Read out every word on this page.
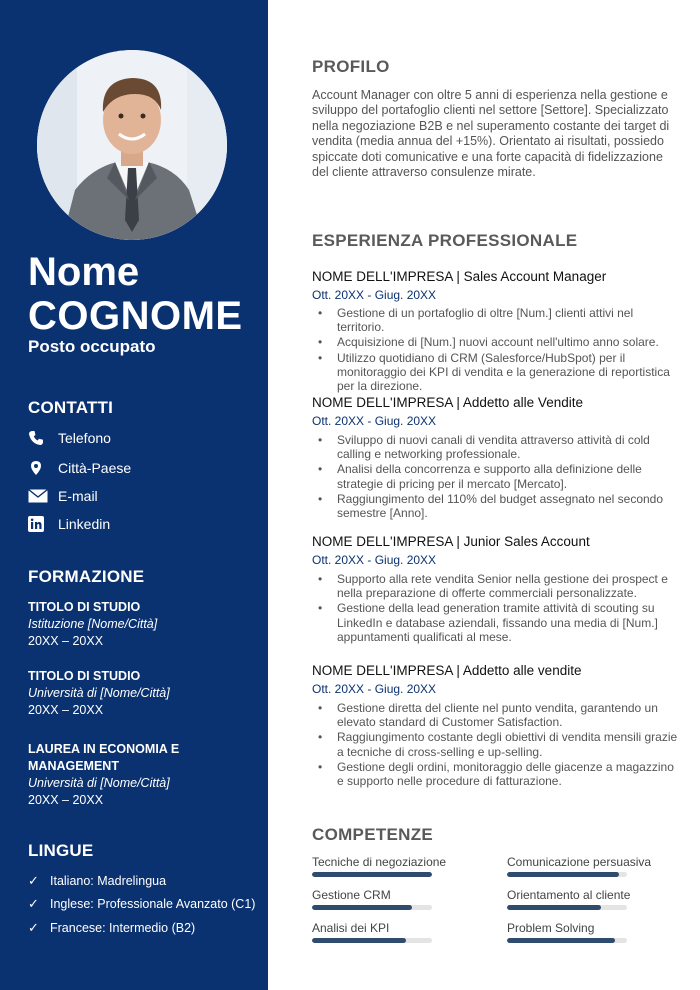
Nome
COGNOME
Posto occupato
CONTATTI
Telefono
Città-Paese
E-mail
Linkedin
FORMAZIONE
TITOLO DI STUDIO
Istituzione [Nome/Città]
20XX – 20XX
TITOLO DI STUDIO
Università di [Nome/Città]
20XX – 20XX
LAUREA IN ECONOMIA E MANAGEMENT
Università di [Nome/Città]
20XX – 20XX
LINGUE
✓ Italiano: Madrelingua
✓ Inglese: Professionale Avanzato (C1)
✓ Francese: Intermedio (B2)
PROFILO

Account Manager con oltre 5 anni di esperienza nella gestione e sviluppo del portafoglio clienti nel settore [Settore]. Specializzato nella negoziazione B2B e nel superamento costante dei target di vendita (media annua del +15%). Orientato ai risultati, possiedo spiccate doti comunicative e una forte capacità di fidelizzazione del cliente attraverso consulenze mirate.

ESPERIENZA PROFESSIONALE
NOME DELL'IMPRESA | Sales Account Manager
Ott. 20XX - Giug. 20XX
• Gestione di un portafoglio di oltre [Num.] clienti attivi nel territorio.
• Acquisizione di [Num.] nuovi account nell'ultimo anno solare.
• Utilizzo quotidiano di CRM (Salesforce/HubSpot) per il monitoraggio dei KPI di vendita e la generazione di reportistica per la direzione.
NOME DELL'IMPRESA | Addetto alle Vendite
Ott. 20XX - Giug. 20XX
• Sviluppo di nuovi canali di vendita attraverso attività di cold calling e networking professionale.
• Analisi della concorrenza e supporto alla definizione delle strategie di pricing per il mercato [Mercato].
• Raggiungimento del 110% del budget assegnato nel secondo semestre [Anno].
NOME DELL'IMPRESA | Junior Sales Account
Ott. 20XX - Giug. 20XX
• Supporto alla rete vendita Senior nella gestione dei prospect e nella preparazione di offerte commerciali personalizzate.
• Gestione della lead generation tramite attività di scouting su LinkedIn e database aziendali, fissando una media di [Num.] appuntamenti qualificati al mese.
NOME DELL'IMPRESA | Addetto alle vendite
Ott. 20XX - Giug. 20XX
• Gestione diretta del cliente nel punto vendita, garantendo un elevato standard di Customer Satisfaction.
• Raggiungimento costante degli obiettivi di vendita mensili grazie a tecniche di cross-selling e up-selling.
• Gestione degli ordini, monitoraggio delle giacenze a magazzino e supporto nelle procedure di fatturazione.
COMPETENZE
Tecniche di negoziazione	Comunicazione persuasiva
Gestione CRM	Orientamento al cliente
Analisi dei KPI	Problem Solving
